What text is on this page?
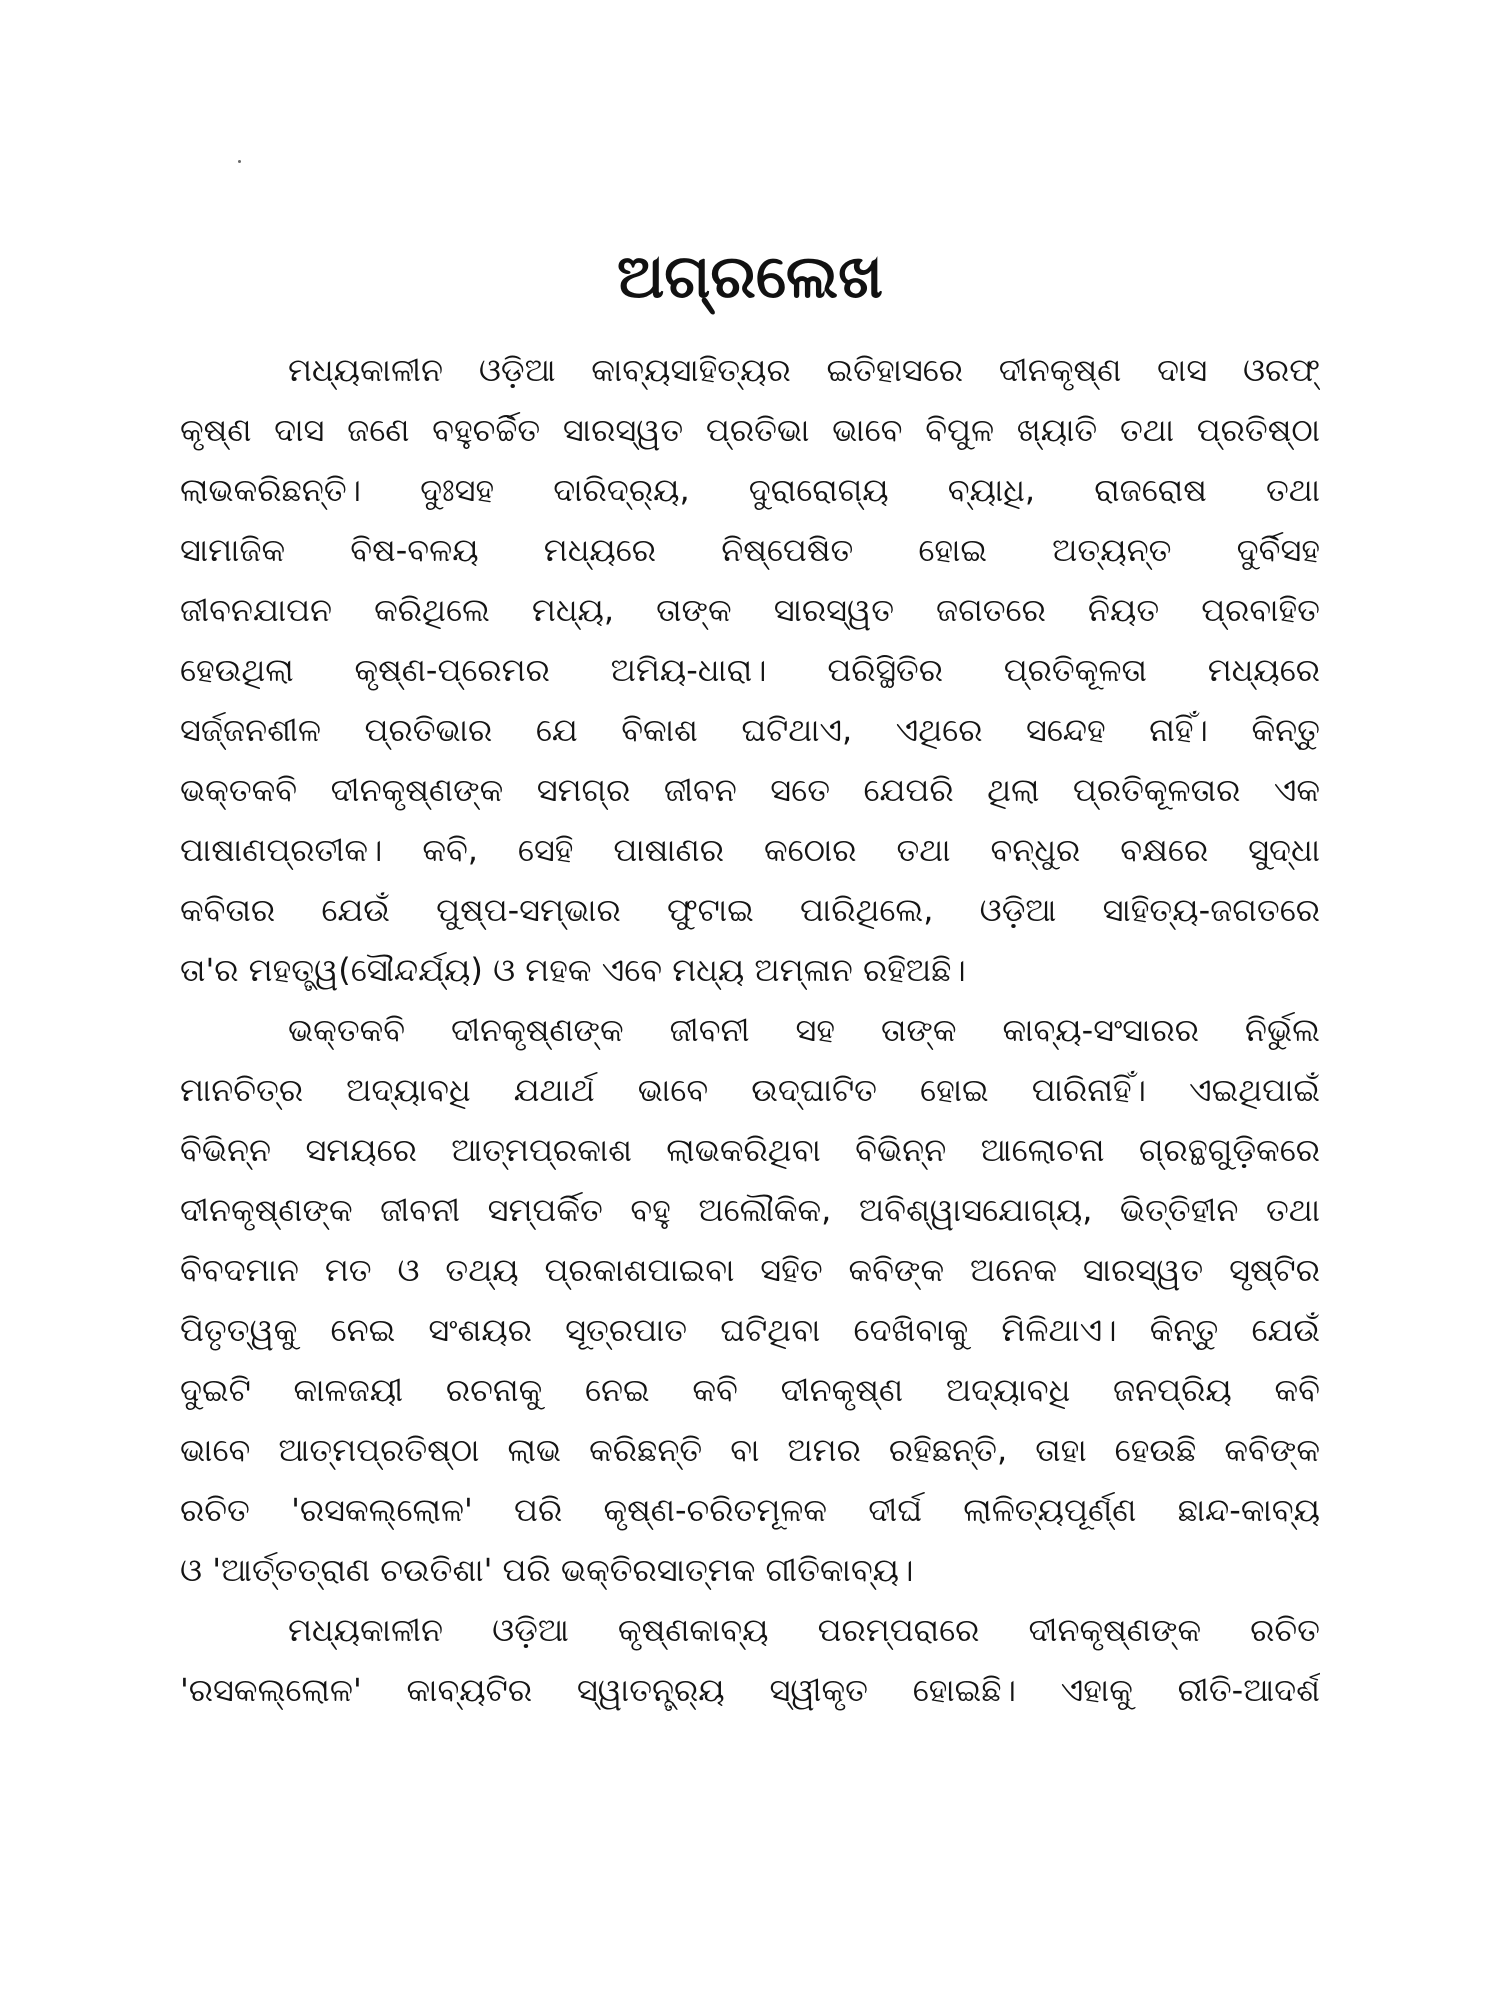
ଅଗ୍ରଲେଖ
ମଧ୍ୟକାଳୀନ ଓଡ଼ିଆ କାବ୍ୟସାହିତ୍ୟର ଇତିହାସରେ ଦୀନକୃଷ୍ଣ ଦାସ ଓରଫ୍
କୃଷ୍ଣ ଦାସ ଜଣେ ବହୁଚର୍ଚ୍ଚିତ ସାରସ୍ୱତ ପ୍ରତିଭା ଭାବେ ବିପୁଳ ଖ୍ୟାତି ତଥା ପ୍ରତିଷ୍ଠା
ଲାଭକରିଛନ୍ତି। ଦୁଃସହ ଦାରିଦ୍ର୍ୟ, ଦୁରାରୋଗ୍ୟ ବ୍ୟାଧି, ରାଜରୋଷ ତଥା
ସାମାଜିକ ବିଷ-ବଳୟ ମଧ୍ୟରେ ନିଷ୍ପେଷିତ ହୋଇ ଅତ୍ୟନ୍ତ ଦୁର୍ବିସହ
ଜୀବନଯାପନ କରିଥିଲେ ମଧ୍ୟ, ତାଙ୍କ ସାରସ୍ୱତ ଜଗତରେ ନିୟତ ପ୍ରବାହିତ
ହେଉଥିଲା କୃଷ୍ଣ-ପ୍ରେମର ଅମିୟ-ଧାରା। ପରିସ୍ଥିତିର ପ୍ରତିକୂଳତା ମଧ୍ୟରେ
ସର୍ଜ୍ଜନଶୀଳ ପ୍ରତିଭାର ଯେ ବିକାଶ ଘଟିଥାଏ, ଏଥିରେ ସନ୍ଦେହ ନାହିଁ। କିନ୍ତୁ
ଭକ୍ତକବି ଦୀନକୃଷ୍ଣଙ୍କ ସମଗ୍ର ଜୀବନ ସତେ ଯେପରି ଥିଲା ପ୍ରତିକୂଳତାର ଏକ
ପାଷାଣପ୍ରତୀକ। କବି, ସେହି ପାଷାଣର କଠୋର ତଥା ବନ୍ଧୁର ବକ୍ଷରେ ସୁଦ୍ଧା
କବିତାର ଯେଉଁ ପୁଷ୍ପ-ସମ୍ଭାର ଫୁଟାଇ ପାରିଥିଲେ, ଓଡ଼ିଆ ସାହିତ୍ୟ-ଜଗତରେ
ତା'ର ମହତ୍ତ୍ୱ(ସୌନ୍ଦର୍ଯ୍ୟ) ଓ ମହକ ଏବେ ମଧ୍ୟ ଅମ୍ଳାନ ରହିଅଛି।
ଭକ୍ତକବି ଦୀନକୃଷ୍ଣଙ୍କ ଜୀବନୀ ସହ ତାଙ୍କ କାବ୍ୟ-ସଂସାରର ନିର୍ଭୁଲ
ମାନଚିତ୍ର ଅଦ୍ୟାବଧି ଯଥାର୍ଥ ଭାବେ ଉଦ୍‌ଘାଟିତ ହୋଇ ପାରିନାହିଁ। ଏଇଥିପାଇଁ
ବିଭିନ୍ନ ସମୟରେ ଆତ୍ମପ୍ରକାଶ ଲାଭକରିଥିବା ବିଭିନ୍ନ ଆଲୋଚନା ଗ୍ରନ୍ଥଗୁଡ଼ିକରେ
ଦୀନକୃଷ୍ଣଙ୍କ ଜୀବନୀ ସମ୍ପର୍କିତ ବହୁ ଅଲୌକିକ, ଅବିଶ୍ୱାସଯୋଗ୍ୟ, ଭିତ୍ତିହୀନ ତଥା
ବିବଦମାନ ମତ ଓ ତଥ୍ୟ ପ୍ରକାଶପାଇବା ସହିତ କବିଙ୍କ ଅନେକ ସାରସ୍ୱତ ସୃଷ୍ଟିର
ପିତୃତ୍ୱକୁ ନେଇ ସଂଶୟର ସୂତ୍ରପାତ ଘଟିଥିବା ଦେଖିବାକୁ ମିଳିଥାଏ। କିନ୍ତୁ ଯେଉଁ
ଦୁଇଟି କାଳଜୟୀ ରଚନାକୁ ନେଇ କବି ଦୀନକୃଷ୍ଣ ଅଦ୍ୟାବଧି ଜନପ୍ରିୟ କବି
ଭାବେ ଆତ୍ମପ୍ରତିଷ୍ଠା ଲାଭ କରିଛନ୍ତି ବା ଅମର ରହିଛନ୍ତି, ତାହା ହେଉଛି କବିଙ୍କ
ରଚିତ 'ରସକଲ୍ଲୋଳ' ପରି କୃଷ୍ଣ-ଚରିତମୂଳକ ଦୀର୍ଘ ଲାଳିତ୍ୟପୂର୍ଣ୍ଣ ଛାନ୍ଦ-କାବ୍ୟ
ଓ 'ଆର୍ତ୍ତତ୍ରାଣ ଚଉତିଶା' ପରି ଭକ୍ତିରସାତ୍ମକ ଗୀତିକାବ୍ୟ।
ମଧ୍ୟକାଳୀନ ଓଡ଼ିଆ କୃଷ୍ଣକାବ୍ୟ ପରମ୍ପରାରେ ଦୀନକୃଷ୍ଣଙ୍କ ରଚିତ
'ରସକଲ୍ଲୋଳ' କାବ୍ୟଟିର ସ୍ୱାତନ୍ତ୍ର୍ୟ ସ୍ୱୀକୃତ ହୋଇଛି। ଏହାକୁ ରୀତି-ଆଦର୍ଶ
